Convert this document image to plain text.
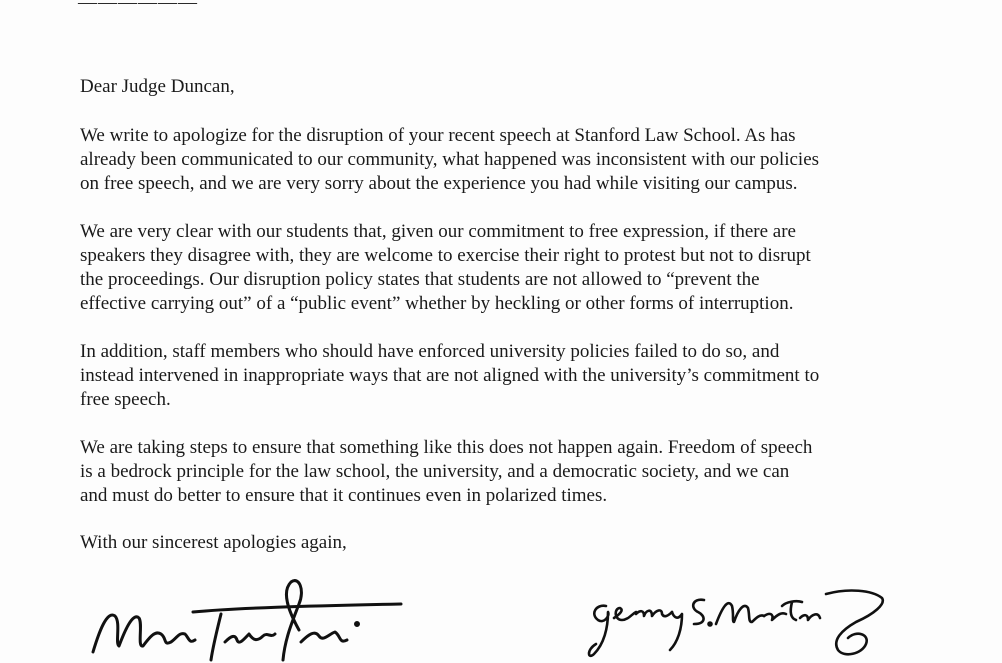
——————
Dear Judge Duncan,
We write to apologize for the disruption of your recent speech at Stanford Law School. As has
already been communicated to our community, what happened was inconsistent with our policies
on free speech, and we are very sorry about the experience you had while visiting our campus.
We are very clear with our students that, given our commitment to free expression, if there are
speakers they disagree with, they are welcome to exercise their right to protest but not to disrupt
the proceedings. Our disruption policy states that students are not allowed to “prevent the
effective carrying out” of a “public event” whether by heckling or other forms of interruption.
In addition, staff members who should have enforced university policies failed to do so, and
instead intervened in inappropriate ways that are not aligned with the university’s commitment to
free speech.
We are taking steps to ensure that something like this does not happen again. Freedom of speech
is a bedrock principle for the law school, the university, and a democratic society, and we can
and must do better to ensure that it continues even in polarized times.
With our sincerest apologies again,
